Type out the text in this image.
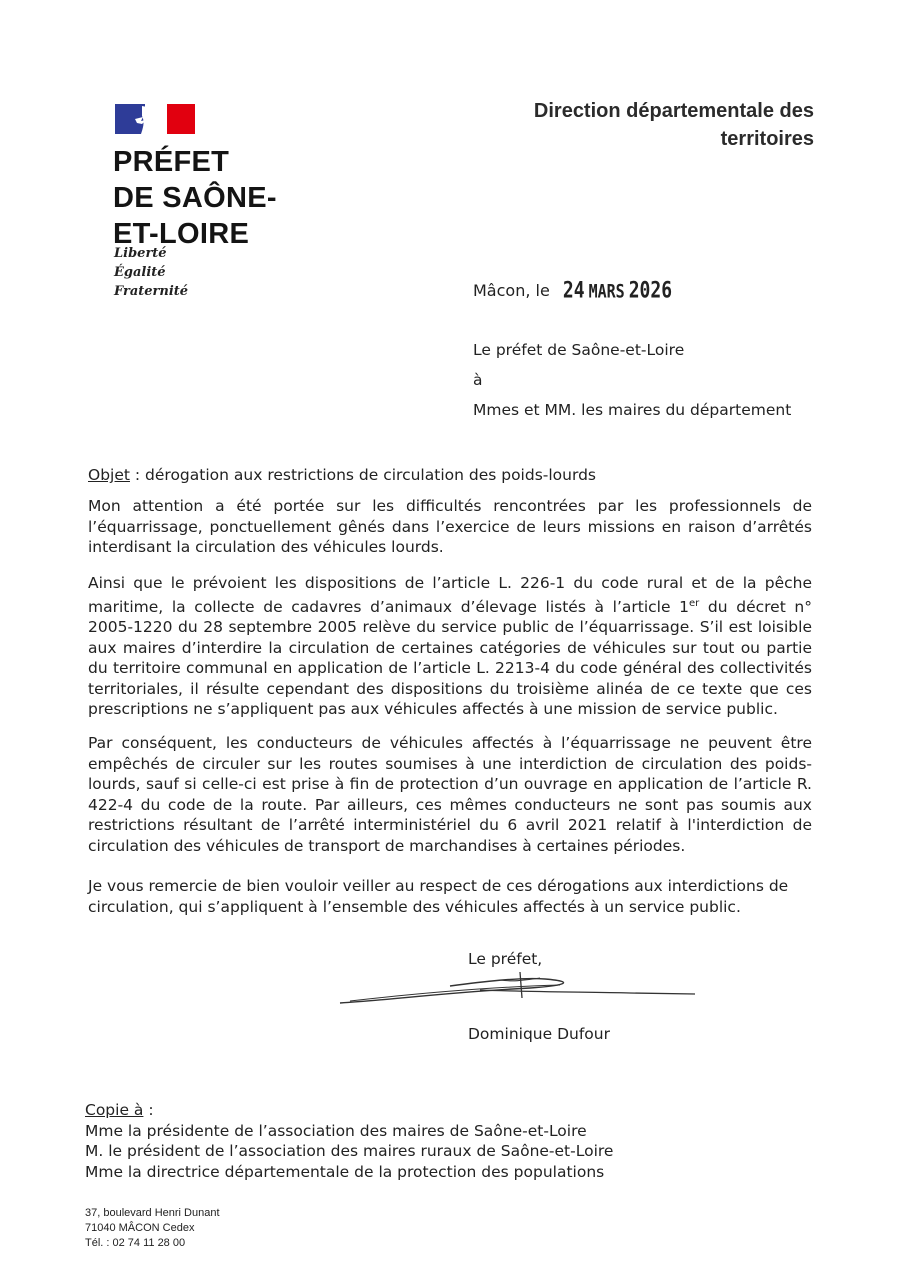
PRÉFET
DE SAÔNE-
ET-LOIRE
Liberté
Égalité
Fraternité
Direction départementale des
territoires
Mâcon, le 24 MARS 2026
Le préfet de Saône-et-Loire
à
Mmes et MM. les maires du département
Objet : dérogation aux restrictions de circulation des poids-lourds

Mon attention a été portée sur les difficultés rencontrées par les professionnels de l’équarrissage, ponctuellement gênés dans l’exercice de leurs missions en raison d’arrêtés interdisant la circulation des véhicules lourds.

Ainsi que le prévoient les dispositions de l’article L. 226-1 du code rural et de la pêche maritime, la collecte de cadavres d’animaux d’élevage listés à l’article 1er du décret n° 2005-1220 du 28 septembre 2005 relève du service public de l’équarrissage. S’il est loisible aux maires d’interdire la circulation de certaines catégories de véhicules sur tout ou partie du territoire communal en application de l’article L. 2213-4 du code général des collectivités territoriales, il résulte cependant des dispositions du troisième alinéa de ce texte que ces prescriptions ne s’appliquent pas aux véhicules affectés à une mission de service public.

Par conséquent, les conducteurs de véhicules affectés à l’équarrissage ne peuvent être empêchés de circuler sur les routes soumises à une interdiction de circulation des poids-lourds, sauf si celle-ci est prise à fin de protection d’un ouvrage en application de l’article R. 422-4 du code de la route. Par ailleurs, ces mêmes conducteurs ne sont pas soumis aux restrictions résultant de l’arrêté interministériel du 6 avril 2021 relatif à l'interdiction de circulation des véhicules de transport de marchandises à certaines périodes.

Je vous remercie de bien vouloir veiller au respect de ces dérogations aux interdictions de circulation, qui s’appliquent à l’ensemble des véhicules affectés à un service public.

Le préfet,
Dominique Dufour
Copie à :
Mme la présidente de l’association des maires de Saône-et-Loire
M. le président de l’association des maires ruraux de Saône-et-Loire
Mme la directrice départementale de la protection des populations
37, boulevard Henri Dunant
71040 MÂCON Cedex
Tél. : 02 74 11 28 00
